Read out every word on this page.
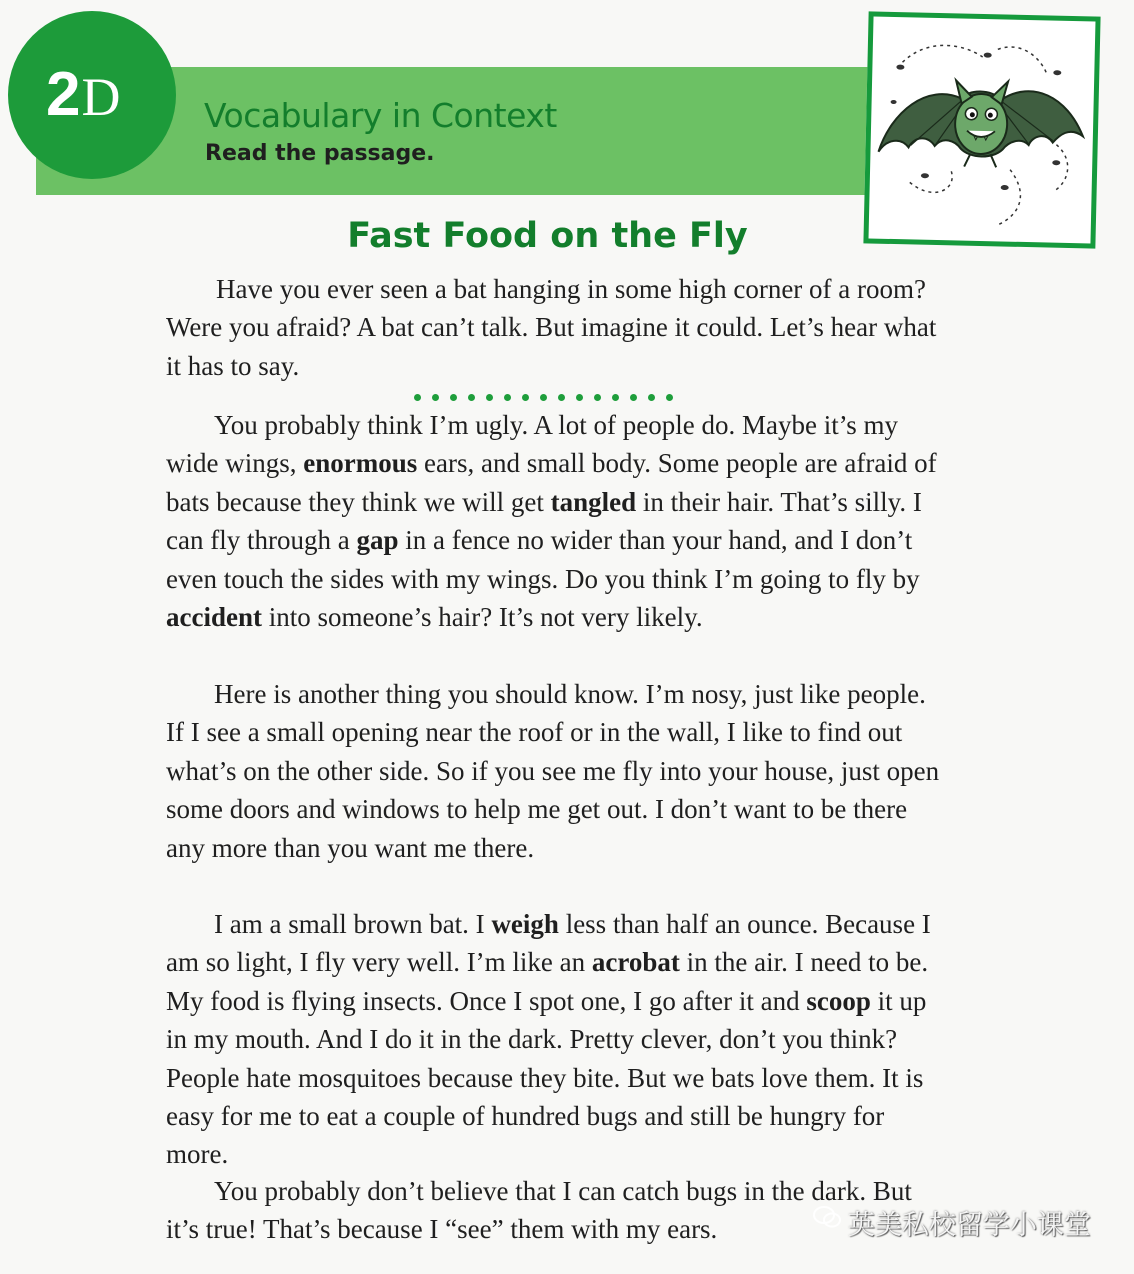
2D	Vocabulary in Context
Read the passage.
Fast Food on the Fly

Have you ever seen a bat hanging in some high corner of a room? Were you afraid? A bat can’t talk. But imagine it could. Let’s hear what it has to say.

You probably think I’m ugly. A lot of people do. Maybe it’s my wide wings, enormous ears, and small body. Some people are afraid of bats because they think we will get tangled in their hair. That’s silly. I can fly through a gap in a fence no wider than your hand, and I don’t even touch the sides with my wings. Do you think I’m going to fly by accident into someone’s hair? It’s not very likely.

Here is another thing you should know. I’m nosy, just like people. If I see a small opening near the roof or in the wall, I like to find out what’s on the other side. So if you see me fly into your house, just open some doors and windows to help me get out. I don’t want to be there any more than you want me there.

I am a small brown bat. I weigh less than half an ounce. Because I am so light, I fly very well. I’m like an acrobat in the air. I need to be. My food is flying insects. Once I spot one, I go after it and scoop it up in my mouth. And I do it in the dark. Pretty clever, don’t you think? People hate mosquitoes because they bite. But we bats love them. It is easy for me to eat a couple of hundred bugs and still be hungry for more.

You probably don’t believe that I can catch bugs in the dark. But it’s true! That’s because I “see” them with my ears.	英美私校留学小课堂
